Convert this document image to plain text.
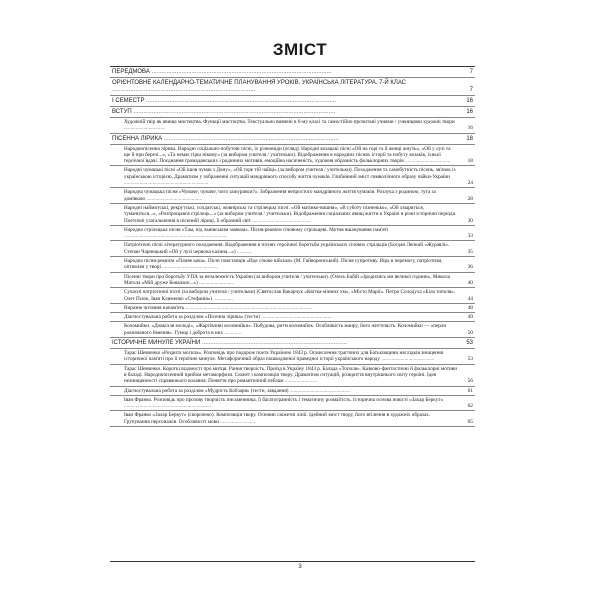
ЗМІСТ
ПЕРЕДМОВА ............................................................................................................	7
ОРІЄНТОВНЕ КАЛЕНДАРНО-ТЕМАТИЧНЕ ПЛАНУВАННЯ УРОКІВ. УКРАЇНСЬКА ЛІТЕРАТУРА. 7-Й КЛАС ......................................................................................	7
I СЕМЕСТР ..................................................................................................................	16
ВСТУП .........................................................................................................................	16
Художній твір як явище мистецтва. Функції мистецтва. Текстуально вивчені в 6-му класі та самостійно прочитані учнями / ученицями художні твори ...............................	16
ПІСЕННА ЛІРИКА .........................................................................................................	18
Народнопісенна лірика. Народні соціально-побутові пісні, їх різновиди (огляд). Народні козацькі пісні «Ой на горі та й женці жнуть», «Ой у лузі та ще й при березі...», «Та немає гірш нікому» (за вибором учителя / учительки). Відображення в народних піснях історії та побуту козаків, їхньої героїчної вдачі. Поєднання громадянських і родинних мотивів, емоційна насиченість, художня образність фольклорних творів ...................................	18
Народні чумацькі пісні «Ой ішов чумак з Дону», «Ой горе тій чайці» (за вибором учителя / учительки). Походження та самобутність пісень, зв'язок із українською історією. Драматизм у зображенні ситуацій мандрівного способу життя чумаків. Глибинний зміст символічного образу чайки-України .................................................................	24
Народна чумацька пісня «Чумаче, чумаче, чого зажурився?». Зображення непростого мандрівного життя чумаків. Розлука з родиною, туга за домівкою ...........................................	28
Народні наймитські, рекрутські, солдатські, жовнірські та стрілецькі пісні: «Ой матінко-вишня», «В суботу пізненько», «Ой хмариться, туманиться...», «Розпрощався стрілець...» (за вибором учителя / учительки). Відображення соціальних явищ життя в Україні в різні історичні періоди. Поетичні узагальнення в пісенній ліриці, її образний світ .............................................	30
Народна стрілецька пісня «Там, під львівським замком». Пісня-реквієм січовому стрільцеві. Мотив вшанування пам'яті ...............................................................................	33
Патріотичні пісні літературного походження. Відображення в піснях героїчної боротьби українських січових стрільців (Богдан Лепкий «Журавлі». Степан Чарнецький «Ой у лузі червона калина...») ...........	35
Народна пісня-реквієм «Пливе кача». Пісні повстанців «Иде січове військо» (М. Гайворонський). Пісня супротиву. Віра в перемогу, патріотизм, оптимізм у творі ...........................................	36
Пісенні твори про боротьбу УПА за незалежність України (за вибором учителя / учительки). (Олесь Бабій «Зродились ми великої години», Микола Матола «Мій друже Ковальчо...») ...........................	40
Сучасні патріотичні пісні (за вибором учителя / учительки) (Святослав Вакарчук «Квітка-мінних хм», «Місто Марії». Петро Солодуха «Біла тополя». Олег Псюк, Іван Клименко «Стефанія») ...............	44
Виразне читання напам'ять ..................................................................................................	48
Діагностувальна робота за розділом «Пісенна лірика» (тести) .......................................................	49
Коломийки. «Довкілля молоді», «Жартівливі коломийки». Побудова, ритм коломийок. Особливість жанру, його життєвість. Коломийки — «перли рокизнаного ймення». Гумор і доброта в них .............	50
ІСТОРИЧНЕ МИНУЛЕ УКРАЇНИ .......................................................................................	53
Тарас Шевченко «Розрита могила». Розповідь про подорож поета Україною 1843 р. Осмислення трагічних для Батьківщини наслідків знищення історичної пам'яті про її героїчне минуле. Метафоричний образ пошкодженої праведної історії українського народу .........................................	53
Тарас Шевченко. Короткі відомості про митця. Рання творчість. Приїзд в Україну 1843 р. Балада «Тополя». Казково-фантастичні й фольклорні мотиви в баладі. Народнопісенний прийом метаморфози. Сюжет і композиція твору. Драматизм ситуацій, розкриття внутрішнього світу героїні. Ідея незнищенності справжнього кохання. Поняття про романтичний пейзаж .........................	56
Діагностувальна робота за розділом «Мудрість Кобзаря» (тести, завдання) ...............................................	61
Іван Франко. Розповідь про прозову творчість письменника, її багатогранність і тематичну розмаїтість. Історична основа повісті «Захар Беркут» ...................................................................	62
Іван Франко «Захар Беркут» (скорочено). Композиція твору. Основні сюжетні лінії. Ідейний зміст твору, його втілення в художніх образах. Групування персонажів. Особливості мови ...........................	65
3
